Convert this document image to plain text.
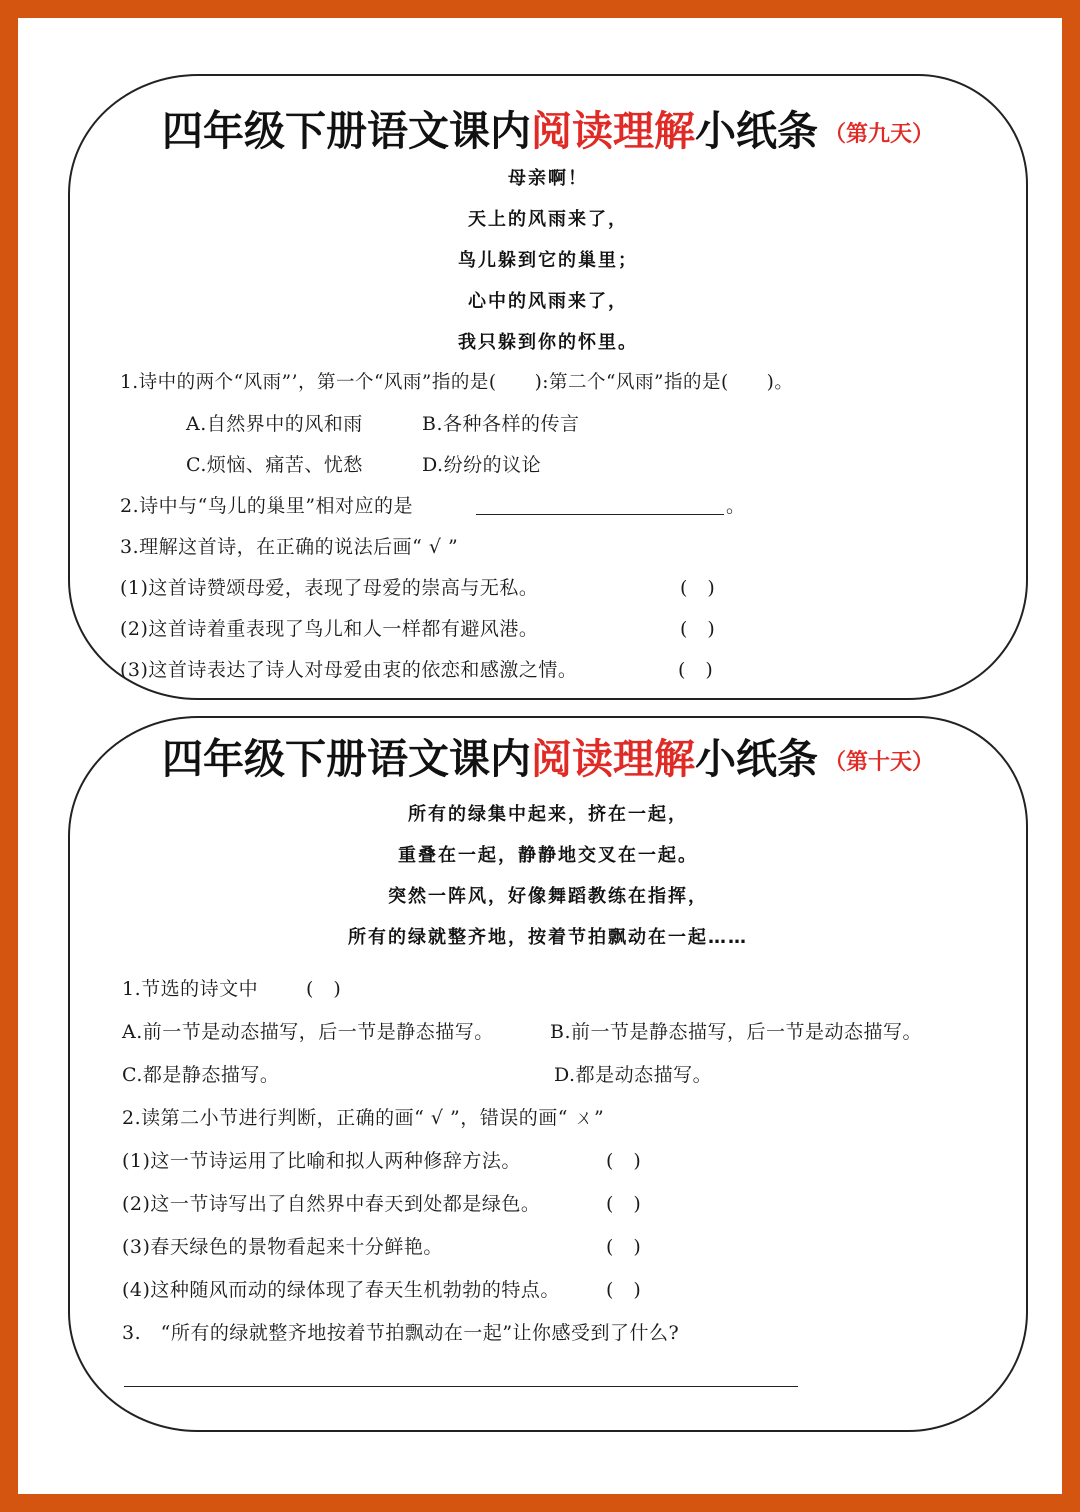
四年级下册语文课内阅读理解小纸条 （第九天）
母亲啊！
天上的风雨来了，
鸟儿躲到它的巢里；
心中的风雨来了，
我只躲到你的怀里。
1.诗中的两个“风雨”’，第一个“风雨”指的是(　　):第二个“风雨”指的是(　　)。
A.自然界中的风和雨	B.各种各样的传言
C.烦恼、痛苦、忧愁	D.纷纷的议论
2.诗中与“鸟儿的巢里”相对应的是	。
3.理解这首诗，在正确的说法后画“ √ ”
(1)这首诗赞颂母爱，表现了母爱的崇高与无私。	(　)
(2)这首诗着重表现了鸟儿和人一样都有避风港。	(　)
(3)这首诗表达了诗人对母爱由衷的依恋和感激之情。	(　)
四年级下册语文课内阅读理解小纸条 （第十天）
所有的绿集中起来，挤在一起，
重叠在一起，静静地交叉在一起。
突然一阵风，好像舞蹈教练在指挥，
所有的绿就整齐地，按着节拍飘动在一起……
1.节选的诗文中	(　)
A.前一节是动态描写，后一节是静态描写。	B.前一节是静态描写，后一节是动态描写。
C.都是静态描写。	D.都是动态描写。
2.读第二小节进行判断，正确的画“ √ ”，错误的画“ ㄨ”
(1)这一节诗运用了比喻和拟人两种修辞方法。	(　)
(2)这一节诗写出了自然界中春天到处都是绿色。	(　)
(3)春天绿色的景物看起来十分鲜艳。	(　)
(4)这种随风而动的绿体现了春天生机勃勃的特点。 (　)
3.　“所有的绿就整齐地按着节拍飘动在一起”让你感受到了什么?
